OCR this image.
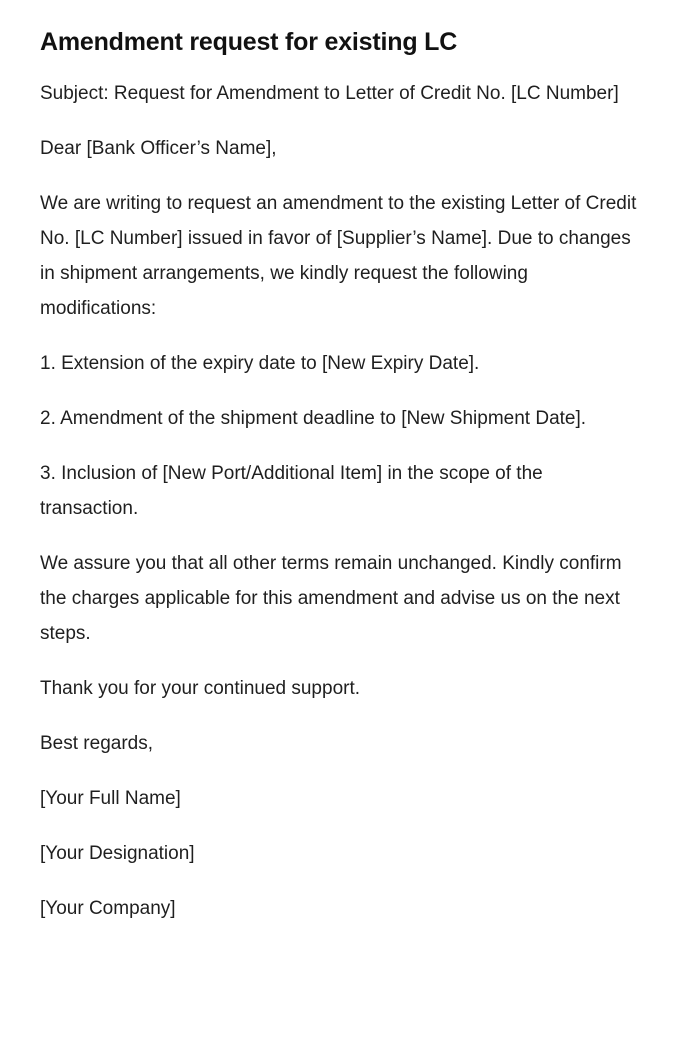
Amendment request for existing LC

Subject: Request for Amendment to Letter of Credit No. [LC Number]

Dear [Bank Officer’s Name],

We are writing to request an amendment to the existing Letter of Credit No. [LC Number] issued in favor of [Supplier’s Name]. Due to changes in shipment arrangements, we kindly request the following modifications:

1. Extension of the expiry date to [New Expiry Date].

2. Amendment of the shipment deadline to [New Shipment Date].

3. Inclusion of [New Port/Additional Item] in the scope of the transaction.

We assure you that all other terms remain unchanged. Kindly confirm the charges applicable for this amendment and advise us on the next steps.

Thank you for your continued support.

Best regards,

[Your Full Name]

[Your Designation]

[Your Company]
